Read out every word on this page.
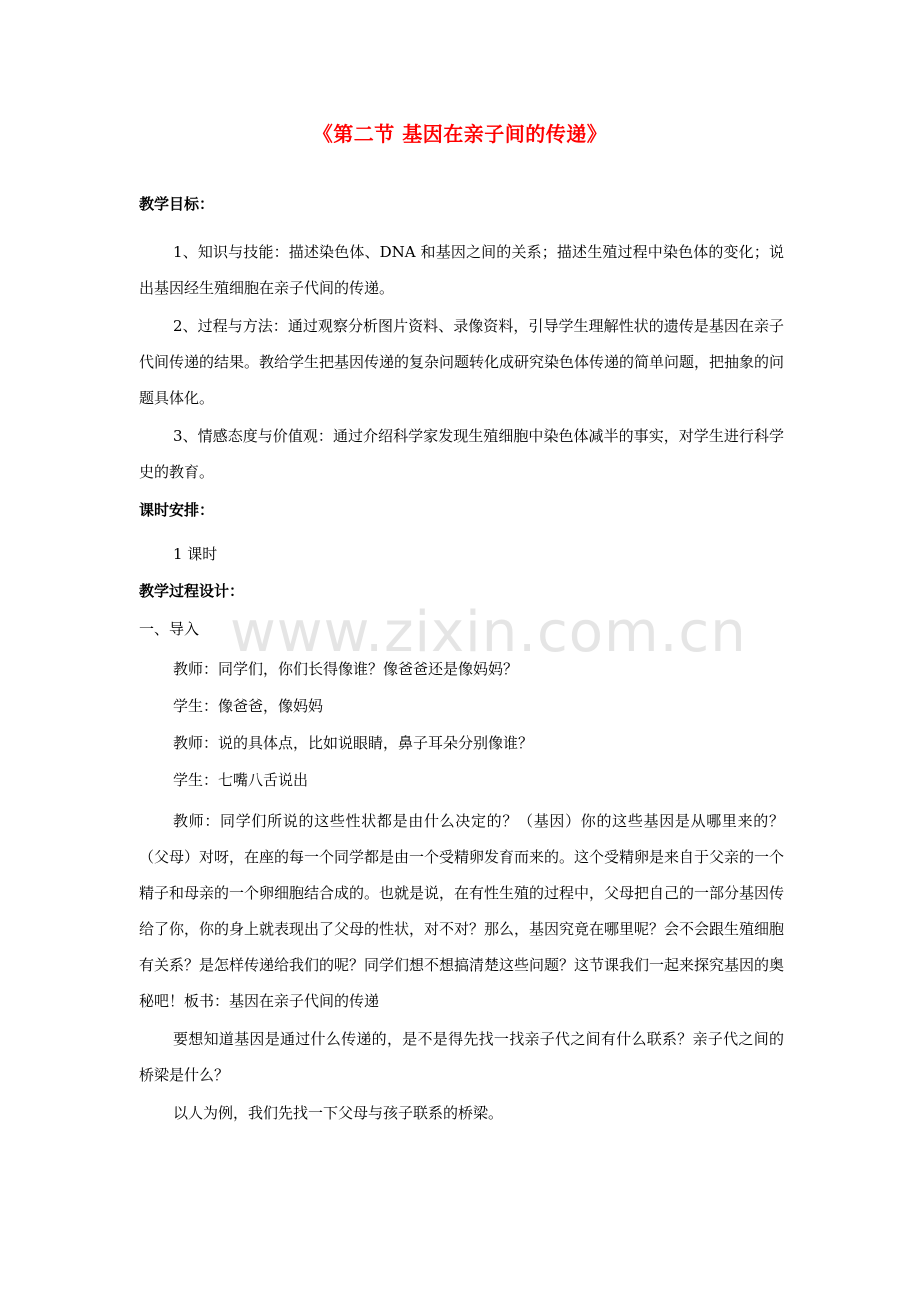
《第二节 基因在亲子间的传递》
教学目标：

1、知识与技能：描述染色体、DNA 和基因之间的关系；描述生殖过程中染色体的变化；说出基因经生殖细胞在亲子代间的传递。

2、过程与方法：通过观察分析图片资料、录像资料，引导学生理解性状的遗传是基因在亲子代间传递的结果。教给学生把基因传递的复杂问题转化成研究染色体传递的简单问题，把抽象的问题具体化。

3、情感态度与价值观：通过介绍科学家发现生殖细胞中染色体减半的事实，对学生进行科学史的教育。

课时安排：
1 课时
教学过程设计：
一、导入
教师：同学们，你们长得像谁？像爸爸还是像妈妈？
学生：像爸爸，像妈妈
教师：说的具体点，比如说眼睛，鼻子耳朵分别像谁？
学生：七嘴八舌说出

教师：同学们所说的这些性状都是由什么决定的？（基因）你的这些基因是从哪里来的？（父母）对呀，在座的每一个同学都是由一个受精卵发育而来的。这个受精卵是来自于父亲的一个精子和母亲的一个卵细胞结合成的。也就是说，在有性生殖的过程中，父母把自己的一部分基因传给了你，你的身上就表现出了父母的性状，对不对？那么，基因究竟在哪里呢？会不会跟生殖细胞有关系？是怎样传递给我们的呢？同学们想不想搞清楚这些问题？这节课我们一起来探究基因的奥秘吧！板书：基因在亲子代间的传递

要想知道基因是通过什么传递的，是不是得先找一找亲子代之间有什么联系？亲子代之间的桥梁是什么？

以人为例，我们先找一下父母与孩子联系的桥梁。

www.zixin.com.cn
